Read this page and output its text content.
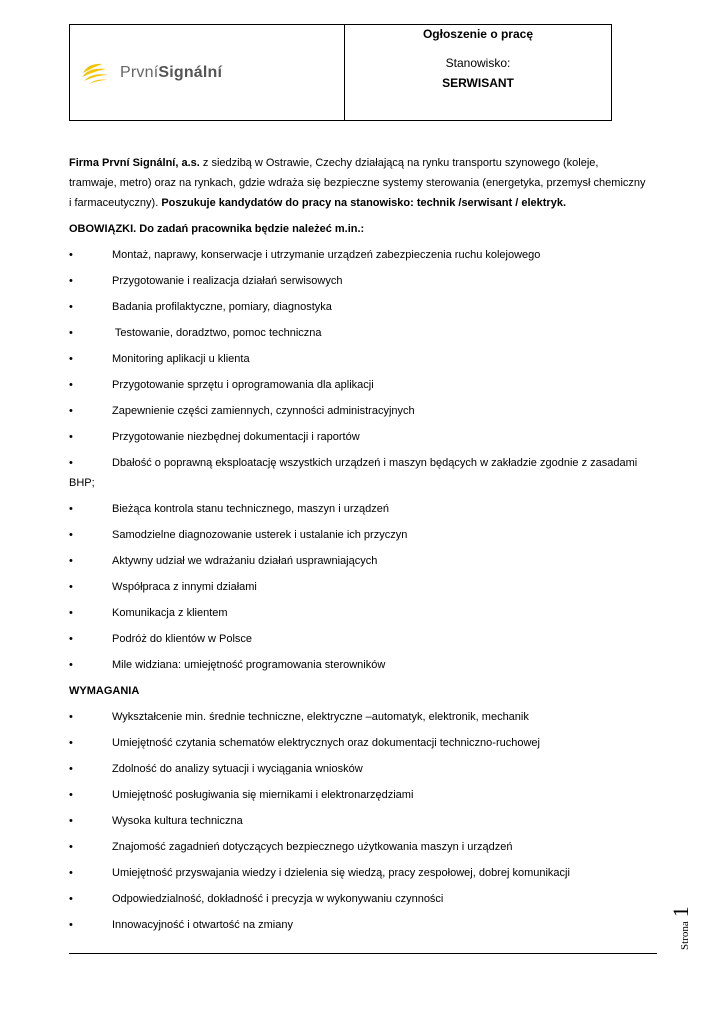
PrvníSignální
Ogłoszenie o pracę
Stanowisko:
SERWISANT

Firma První Signální, a.s. z siedzibą w Ostrawie, Czechy działającą na rynku transportu szynowego (koleje, tramwaje, metro) oraz na rynkach, gdzie wdraża się bezpieczne systemy sterowania (energetyka, przemysł chemiczny i farmaceutyczny). Poszukuje kandydatów do pracy na stanowisko: technik /serwisant / elektryk.

OBOWIĄZKI. Do zadań pracownika będzie należeć m.in.:
•	Montaż, naprawy, konserwacje i utrzymanie urządzeń zabezpieczenia ruchu kolejowego
•	Przygotowanie i realizacja działań serwisowych
•	Badania profilaktyczne, pomiary, diagnostyka
•	Testowanie, doradztwo, pomoc techniczna
•	Monitoring aplikacji u klienta
•	Przygotowanie sprzętu i oprogramowania dla aplikacji
•	Zapewnienie części zamiennych, czynności administracyjnych
•	Przygotowanie niezbędnej dokumentacji i raportów
•	Dbałość o poprawną eksploatację wszystkich urządzeń i maszyn będących w zakładzie zgodnie z zasadami BHP;
•	Bieżąca kontrola stanu technicznego, maszyn i urządzeń
•	Samodzielne diagnozowanie usterek i ustalanie ich przyczyn
•	Aktywny udział we wdrażaniu działań usprawniających
•	Współpraca z innymi działami
•	Komunikacja z klientem
•	Podróż do klientów w Polsce
•	Mile widziana: umiejętność programowania sterowników
WYMAGANIA
•	Wykształcenie min. średnie techniczne, elektryczne –automatyk, elektronik, mechanik
•	Umiejętność czytania schematów elektrycznych oraz dokumentacji techniczno-ruchowej
•	Zdolność do analizy sytuacji i wyciągania wniosków
•	Umiejętność posługiwania się miernikami i elektronarzędziami
•	Wysoka kultura techniczna
•	Znajomość zagadnień dotyczących bezpiecznego użytkowania maszyn i urządzeń
•	Umiejętność przyswajania wiedzy i dzielenia się wiedzą, pracy zespołowej, dobrej komunikacji
•	Odpowiedzialność, dokładność i precyzja w wykonywaniu czynności
•	Innowacyjność i otwartość na zmiany	Strona1
